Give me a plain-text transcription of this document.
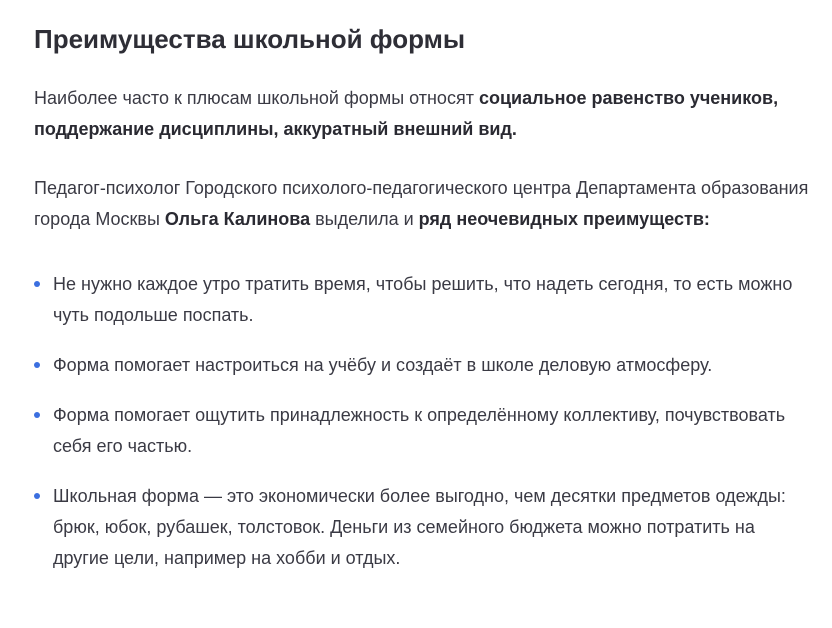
Преимущества школьной формы

Наиболее часто к плюсам школьной формы относят социальное равенство учеников, поддержание дисциплины, аккуратный внешний вид.

Педагог-психолог Городского психолого-педагогического центра Департамента образования города Москвы Ольга Калинова выделила и ряд неочевидных преимуществ:

Не нужно каждое утро тратить время, чтобы решить, что надеть сегодня, то есть можно чуть подольше поспать.
Форма помогает настроиться на учёбу и создаёт в школе деловую атмосферу.
Форма помогает ощутить принадлежность к определённому коллективу, почувствовать себя его частью.
Школьная форма — это экономически более выгодно, чем десятки предметов одежды: брюк, юбок, рубашек, толстовок. Деньги из семейного бюджета можно потратить на другие цели, например на хобби и отдых.
